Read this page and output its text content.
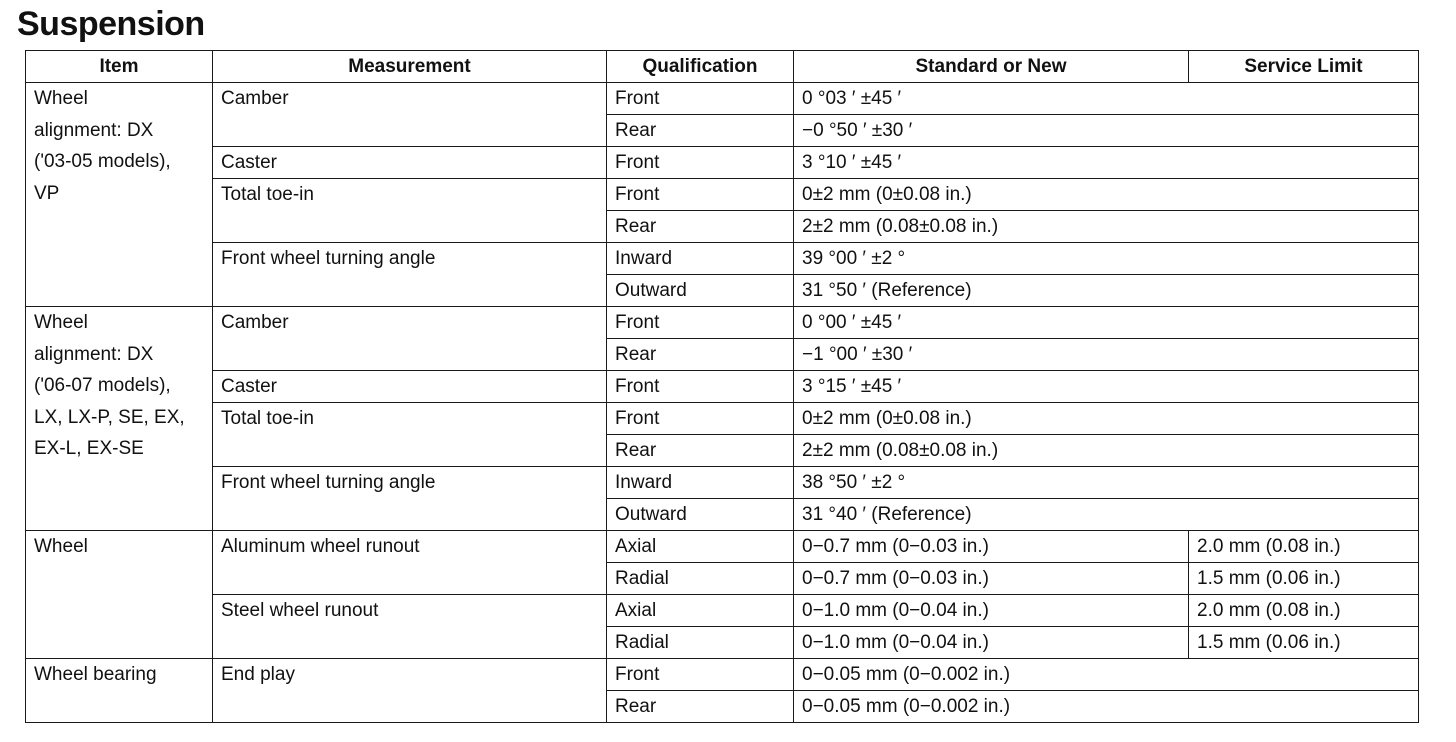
Suspension
Item	Measurement	Qualification	Standard or New	Service Limit

Wheel
alignment: DX
('03-05 models),
VP	Camber	Front	0 °03 ′ ±45 ′	
		Rear	−0 °50 ′ ±30 ′	
	Caster	Front	3 °10 ′ ±45 ′	
	Total toe-in	Front	0±2 mm (0±0.08 in.)	
		Rear	2±2 mm (0.08±0.08 in.)	
	Front wheel turning angle	Inward	39 °00 ′ ±2 °	
		Outward	31 °50 ′ (Reference)	

Wheel
alignment: DX
('06-07 models),
LX, LX-P, SE, EX,
EX-L, EX-SE	Camber	Front	0 °00 ′ ±45 ′	
		Rear	−1 °00 ′ ±30 ′	
	Caster	Front	3 °15 ′ ±45 ′	
	Total toe-in	Front	0±2 mm (0±0.08 in.)	
		Rear	2±2 mm (0.08±0.08 in.)	
	Front wheel turning angle	Inward	38 °50 ′ ±2 °	
		Outward	31 °40 ′ (Reference)	

Wheel	Aluminum wheel runout	Axial	0−0.7 mm (0−0.03 in.)	2.0 mm (0.08 in.)
		Radial	0−0.7 mm (0−0.03 in.)	1.5 mm (0.06 in.)
	Steel wheel runout	Axial	0−1.0 mm (0−0.04 in.)	2.0 mm (0.08 in.)
		Radial	0−1.0 mm (0−0.04 in.)	1.5 mm (0.06 in.)

Wheel bearing	End play	Front	0−0.05 mm (0−0.002 in.)	
		Rear	0−0.05 mm (0−0.002 in.)	
